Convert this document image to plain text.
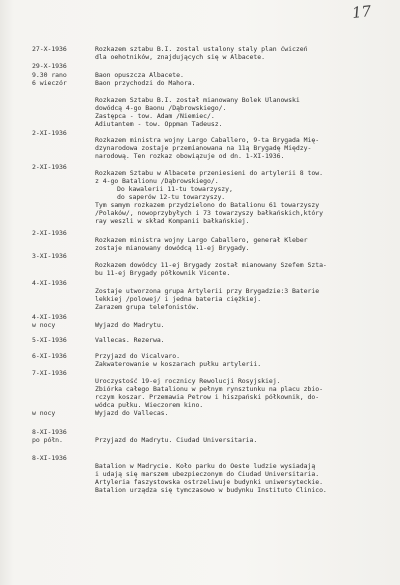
17
27-X-1936
29-X-1936
9.30 rano
6 wieczór
2-XI-1936
2-XI-1936
2-XI-1936
3-XI-1936
4-XI-1936
4-XI-1936
w nocy
5-XI-1936
6-XI-1936
7-XI-1936
w nocy
8-XI-1936
po półn.
8-XI-1936
Rozkazem sztabu B.I. zostal ustalony staly plan ćwiczeń
dla oehotników, znajdujących się w Albacete.
Baon opuszcza Albacete.
Baon przychodzi do Mahora.
Rozkazem Sztabu B.I. został mianowany Bolek Ulanowski
dowódcą 4-go Baonu /Dąbrowskiego/.
Zastępca - tow. Adam /Niemiec/.
Adiutantem - tow. Oppman Tadeusz.
Rozkazem ministra wojny Largo Caballero, 9-ta Brygada Mię-
dzynarodowa zostaje przemianowana na 11ą Brygadę Między-
narodową. Ten rozkaz obowiązuje od dn. 1-XI-1936.
Rozkazem Sztabu w Albacete przeniesieni do artylerii 8 tow.
z 4-go Batalionu /Dąbrowskiego/.
Do kawalerii 11-tu towarzyszy,
do saperów 12-tu towarzyszy.
Tym samym rozkazem przydzielono do Batalionu 61 towarzyszy
/Polaków/, nowoprzybyłych i 73 towarzyszy bałkańskich,który
ray weszli w skład Kompanii bałkańskiej.
Rozkazem ministra wojny Largo Caballero, generał Kleber
zostaje mianowany dowódcą 11-ej Brygady.
Rozkazem dowódcy 11-ej Brygady został mianowany Szefem Szta-
bu 11-ej Brygady półkownik Vicente.
Zostaje utworzona grupa Artylerii przy Brygadzie:3 Baterie
lekkiej /polowej/ i jedna bateria ciężkiej.
Zarazem grupa telefonistów.
Wyjazd do Madrytu.
Vallecas. Rezerwa.
Przyjazd do Vicalvaro.
Zakwaterowanie w koszarach pułku artylerii.
Uroczystość 19-ej rocznicy Rewolucji Rosyjskiej.
Zbiórka całego Batalionu w pełnym rynsztunku na placu zbio-
rczym koszar. Przemawia Petrow i hiszpański półkownik, do-
wódca pułku. Wieczorem kino.
Wyjazd do Vallecas.
Przyjazd do Madrytu. Ciudad Universitaria.
Batalion w Madrycie. Koło parku do Oeste ludzie wysiadają
i udają się marszem ubezpieczonym do Ciudad Universitaria.
Artyleria faszystowska ostrzeliwuje budynki uniwersyteckie.
Batalion urządza się tymczasowo w budynku Instituto Clinico.
